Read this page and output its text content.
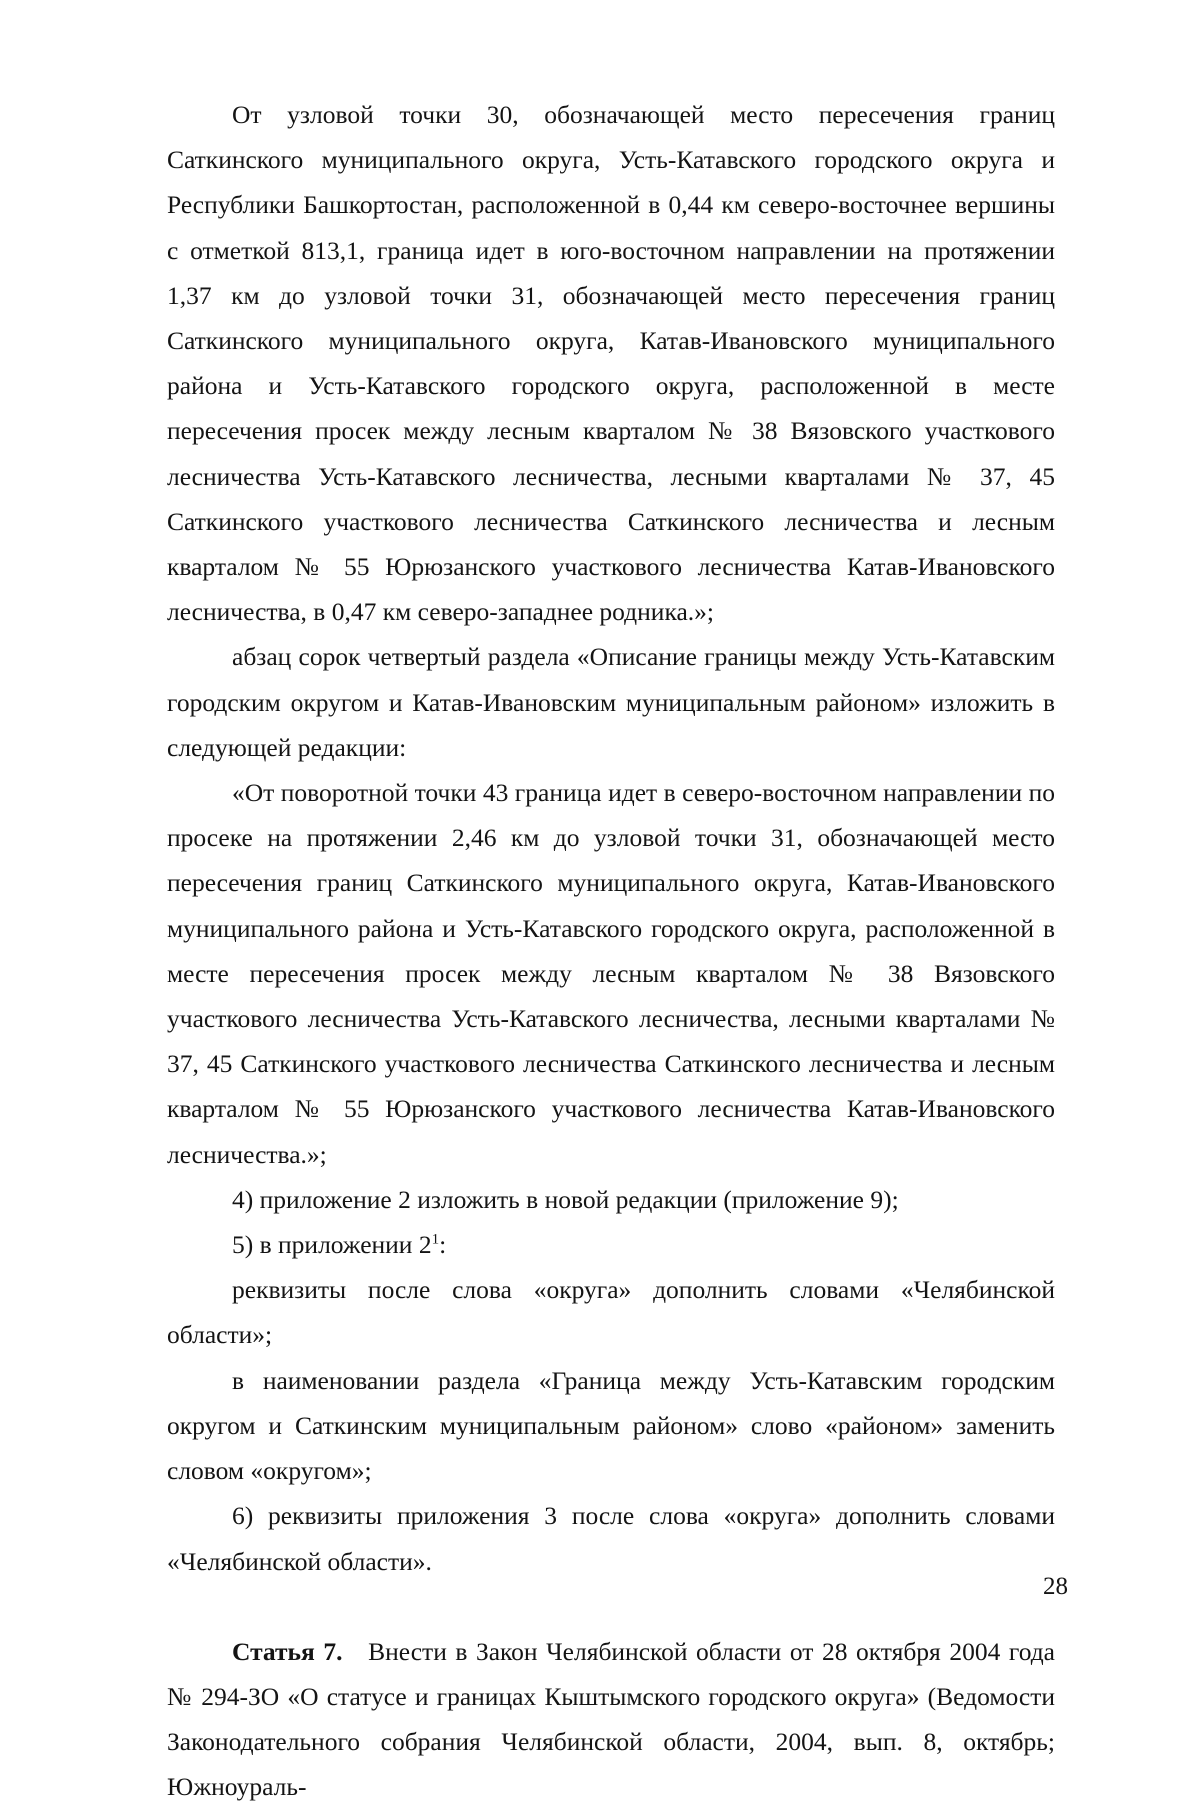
От узловой точки 30, обозначающей место пересечения границ Саткинского муниципального округа, Усть-Катавского городского округа и Республики Башкортостан, расположенной в 0,44 км северо-восточнее вершины с отметкой 813,1, граница идет в юго-восточном направлении на протяжении 1,37 км до узловой точки 31, обозначающей место пересечения границ Саткинского муниципального округа, Катав-Ивановского муниципального района и Усть-Катавского городского округа, расположенной в месте пересечения просек между лесным кварталом № 38 Вязовского участкового лесничества Усть-Катавского лесничества, лесными кварталами № 37, 45 Саткинского участкового лесничества Саткинского лесничества и лесным кварталом № 55 Юрюзанского участкового лесничества Катав-Ивановского лесничества, в 0,47 км северо-западнее родника.»;

абзац сорок четвертый раздела «Описание границы между Усть-Катавским городским округом и Катав-Ивановским муниципальным районом» изложить в следующей редакции:

«От поворотной точки 43 граница идет в северо-восточном направлении по просеке на протяжении 2,46 км до узловой точки 31, обозначающей место пересечения границ Саткинского муниципального округа, Катав-Ивановского муниципального района и Усть-Катавского городского округа, расположенной в месте пересечения просек между лесным кварталом № 38 Вязовского участкового лесничества Усть-Катавского лесничества, лесными кварталами № 37, 45 Саткинского участкового лесничества Саткинского лесничества и лесным кварталом № 55 Юрюзанского участкового лесничества Катав-Ивановского лесничества.»;

4) приложение 2 изложить в новой редакции (приложение 9);

5) в приложении $2^1$:

реквизиты после слова «округа» дополнить словами «Челябинской области»;

в наименовании раздела «Граница между Усть-Катавским городским округом и Саткинским муниципальным районом» слово «районом» заменить словом «округом»;

6) реквизиты приложения 3 после слова «округа» дополнить словами «Челябинской области».

Статья 7. Внести в Закон Челябинской области от 28 октября 2004 года № 294-ЗО «О статусе и границах Кыштымского городского округа» (Ведомости Законодательного собрания Челябинской области, 2004, вып. 8, октябрь; Южноураль-

28
